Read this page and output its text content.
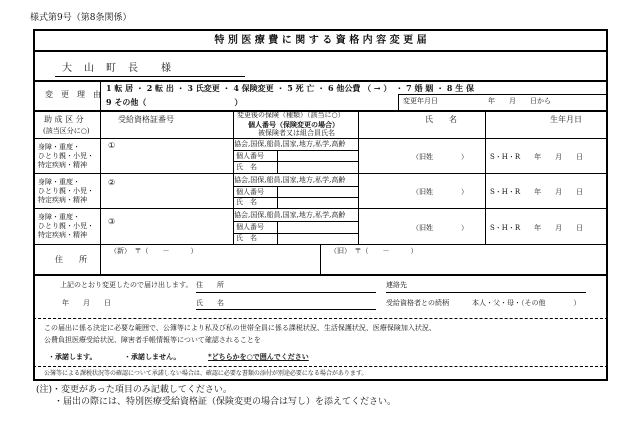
様式第9号（第8条関係）
特 別 医 療 費 に 関 す る 資 格 内 容 変 更 届
大　山　町　長　　様
変　更　理　由
1 転 居 ・ 2 転 出 ・ 3 氏変更 ・ 4 保険変更 ・ 5 死 亡 ・ 6 他公費 （ → ）　・ 7 婚 姻 ・ 8 生 保
9 その他（　　　　　　　　　　　）	変更年月日	年　　月　　日から
助 成 区 分
(該当区分に○)
受給資格証番号	変更後の保険（種類）（該当に○）
個人番号（保険変更の場合）
被保険者又は組合員氏名
氏　　名	生年月日
身障・重度・
ひとり親・小児・
特定疾病・精神
①	協会,国保,船員,国家,地方,私学,高齢
個人番号
氏　名
（旧姓　　　　）	S・H・R　　年　　月　　日
身障・重度・
ひとり親・小児・
特定疾病・精神
②	協会,国保,船員,国家,地方,私学,高齢
個人番号
氏　名
（旧姓　　　　）	S・H・R　　年　　月　　日
身障・重度・
ひとり親・小児・
特定疾病・精神
③
協会,国保,船員,国家,地方,私学,高齢
個人番号
氏　名
（旧姓　　　　）	S・H・R　　年　　月　　日
住　　所
（新）　〒（　　－　　　）	（旧）　〒（　　－　　　）
上記のとおり変更したので届け出します。 住　　所	連絡先
年　　月　　日	氏　　名	受給資格者との続柄	本人・父・母・（その他　　　　）
この届出に係る決定に必要な範囲で、公簿等により私及び私の世帯全員に係る課税状況、生活保護状況、医療保険加入状況、
公費負担医療受給状況、障害者手帳情報等について確認されることを
・承諾します。	・承諾しません。	*どちらかを○で囲んでください
公簿等による課税状況等の確認について承諾しない場合は、確認に必要な書類の添付が別途必要になる場合があります。
(注)・変更があった項目のみ記載してください。
・届出の際には、特別医療受給資格証（保険変更の場合は写し）を添えてください。
